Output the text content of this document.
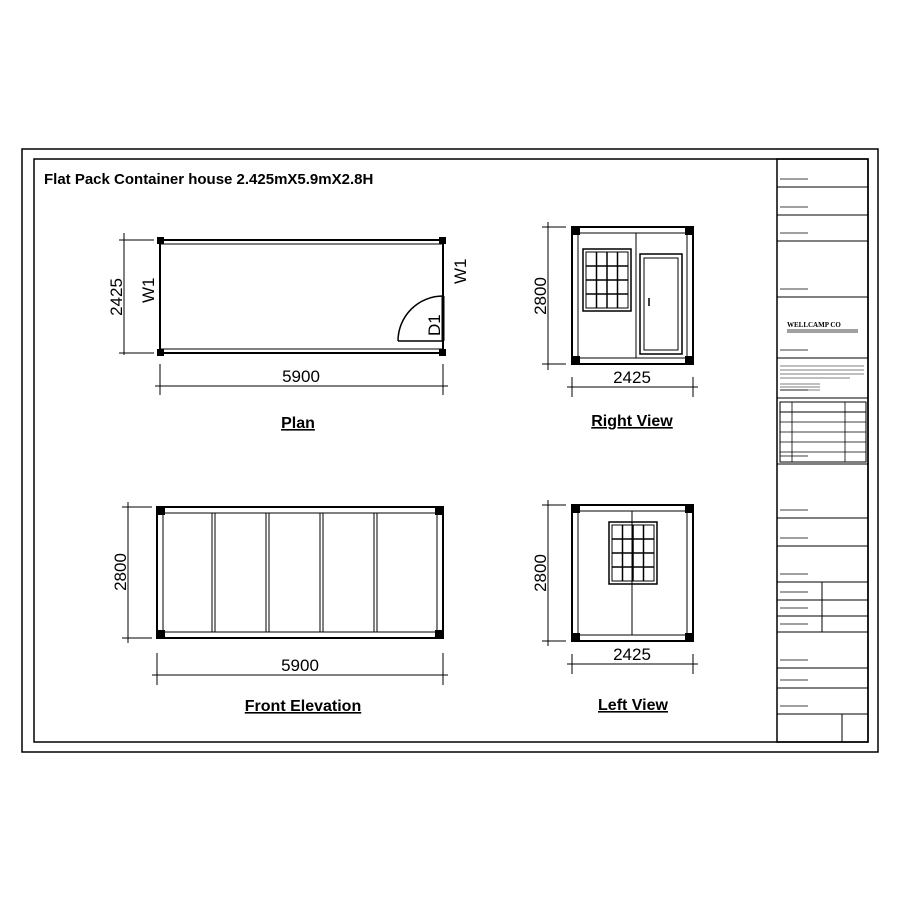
Flat Pack Container house 2.425mX5.9mX2.8H
D1
W1
W1
2425
5900
Plan
2800
2425
Right View
2800
5900
Front Elevation
2800
2425
Left View
WELLCAMP CO
